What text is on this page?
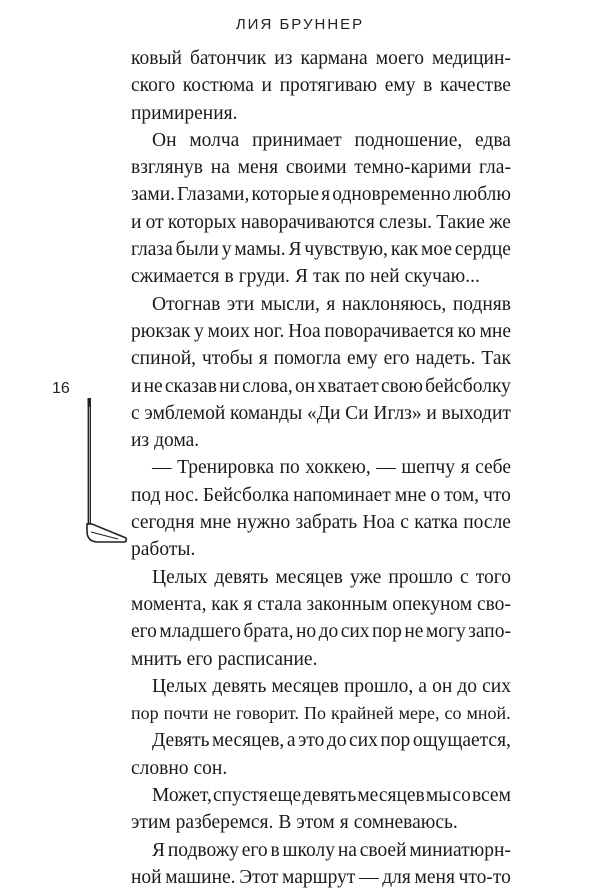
ЛИЯ БРУННЕР
16
ковый батончик из кармана моего медицин-
ского костюма и протягиваю ему в качестве
примирения.
Он молча принимает подношение, едва
взглянув на меня своими темно-карими гла-
зами. Глазами, которые я одновременно люблю
и от которых наворачиваются слезы. Такие же
глаза были у мамы. Я чувствую, как мое сердце
сжимается в груди. Я так по ней скучаю...
Отогнав эти мысли, я наклоняюсь, подняв
рюкзак у моих ног. Ноа поворачивается ко мне
спиной, чтобы я помогла ему его надеть. Так
и не сказав ни слова, он хватает свою бейсболку
с эмблемой команды «Ди Си Иглз» и выходит
из дома.
— Тренировка по хоккею, — шепчу я себе
под нос. Бейсболка напоминает мне о том, что
сегодня мне нужно забрать Ноа с катка после
работы.
Целых девять месяцев уже прошло с того
момента, как я стала законным опекуном сво-
его младшего брата, но до сих пор не могу запо-
мнить его расписание.
Целых девять месяцев прошло, а он до сих
пор почти не говорит. По крайней мере, со мной.
Девять месяцев, а это до сих пор ощущается,
словно сон.
Может, спустя еще девять месяцев мы со всем
этим разберемся. В этом я сомневаюсь.
Я подвожу его в школу на своей миниатюрн-
ной машине. Этот маршрут — для меня что-то
